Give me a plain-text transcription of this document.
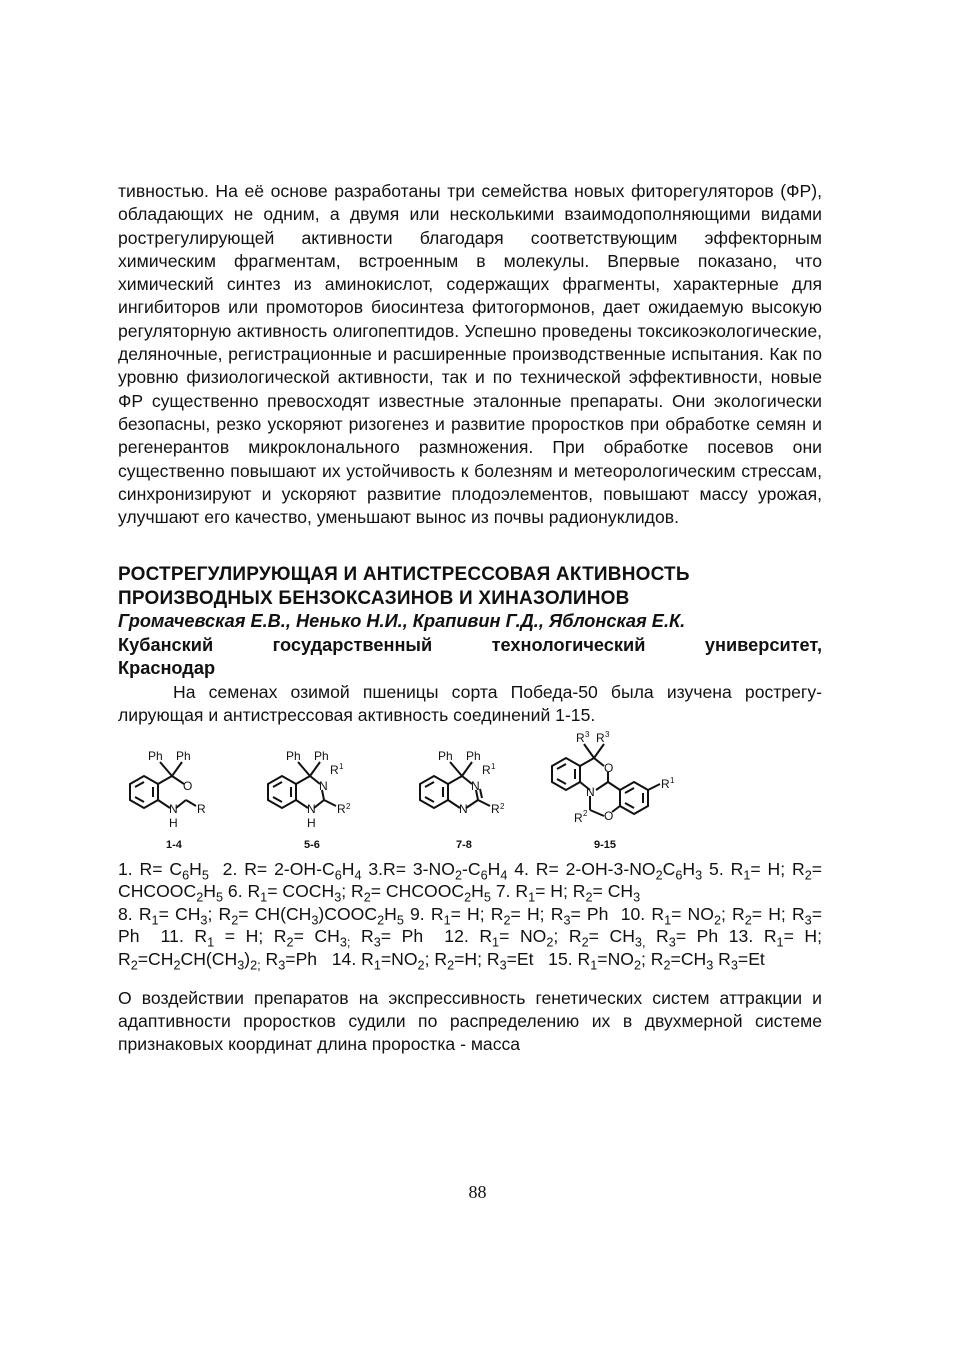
тивностью. На её основе разработаны три семейства новых фиторегуляторов (ФР), обладающих не одним, а двумя или несколькими взаимодополняющими видами рострегулирующей активности благодаря соответствующим эффекторным химическим фрагментам, встроенным в молекулы. Впервые показано, что химический синтез из аминокислот, содержащих фрагменты, характерные для ингибиторов или промоторов биосинтеза фитогормонов, дает ожидаемую высокую регуляторную активность олигопептидов. Успешно проведены токсикоэкологические, деляночные, регистрационные и расширенные производственные испытания. Как по уровню физиологической активности, так и по технической эффективности, новые ФР существенно превосходят известные эталонные препараты. Они экологически безопасны, резко ускоряют ризогенез и развитие проростков при обработке семян и регенерантов микроклонального размножения. При обработке посевов они существенно повышают их устойчивость к болезням и метеорологическим стрессам, синхронизируют и ускоряют развитие плодоэлементов, повышают массу урожая, улучшают его качество, уменьшают вынос из почвы радионуклидов.

РОСТРЕГУЛИРУЮЩАЯ И АНТИСТРЕССОВАЯ АКТИВНОСТЬ
ПРОИЗВОДНЫХ БЕНЗОКСАЗИНОВ И ХИНАЗОЛИНОВ

Громачевская Е.В., Ненько Н.И., Крапивин Г.Д., Яблонская Е.К.

Кубанский государственный технологический университет,

Краснодар

На семенах озимой пшеницы сорта Победа-50 была изучена рострегу-лирующая и антистрессовая активность соединений 1-15.

Ph Ph
O
N
H
R
1-4
Ph Ph
N
R 1
N
H
R 2
5-6
Ph Ph
N
R 1
N R 2
7-8
R 3 R 3
O
N
R 2 O
R 1
9-15

1. $R= C_6H_5$  2. $R= 2-OH-C_6H_4$ $3.R= 3-NO_2-C_6H_4$ 4. $R= 2-OH-3-NO_2C_6H_3$ 5. $R_1= H$; $R_2=$ $CHCOOC_2H_5$ 6. $R_1=$ $COCH_3$; $R_2=$ $CHCOOC_2H_5$ 7. $R_1= H$; $R_2= CH_3$

8. $R_1= CH_3$; $R_2=$ $CH(CH_3)COOC_2H_5$ 9. $R_1= H$; $R_2= H$; $R_3= Ph$  10. $R_1= NO_2$; $R_2= H$; $R_3= Ph$  11. $R_1 = H$; $R_2= CH_{3;}$ $R_3= Ph$  12. $R_1= NO_2$; $R_2= CH_{3,}$ $R_3= Ph$ 13. $R_1= H$; $R_2=CH_2CH(CH_3)_{2;}$ $R_3=Ph$   14. $R_1=NO_2$; $R_2=H$; $R_3=Et$   15. $R_1=NO_2$; $R_2=CH_3$ $R_3=Et$

О воздействии препаратов на экспрессивность генетических систем аттракции и адаптивности проростков судили по распределению их в двухмерной системе признаковых координат длина проростка - масса

88
